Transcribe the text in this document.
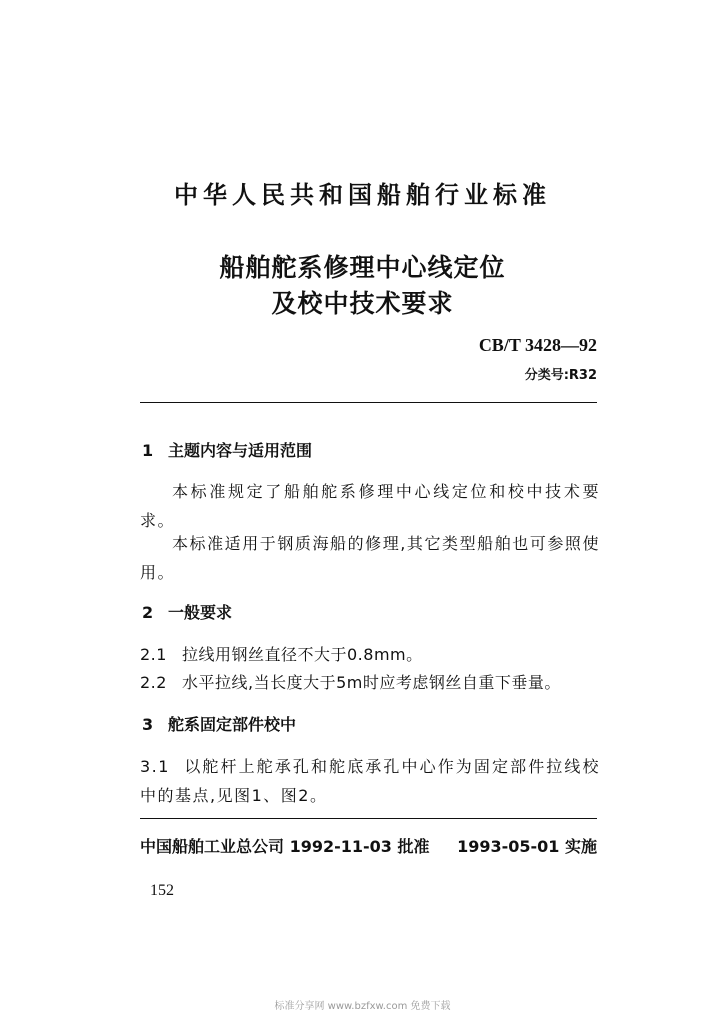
中华人民共和国船舶行业标准
船舶舵系修理中心线定位
及校中技术要求
CB/T 3428—92
分类号:R32
1 主题内容与适用范围
本标准规定了船舶舵系修理中心线定位和校中技术要求。
本标准适用于钢质海船的修理,其它类型船舶也可参照使用。
2 一般要求
2.1 拉线用钢丝直径不大于0.8mm。
2.2 水平拉线,当长度大于5m时应考虑钢丝自重下垂量。
3 舵系固定部件校中
3.1 以舵杆上舵承孔和舵底承孔中心作为固定部件拉线校中的基点,见图1、图2。
中国船舶工业总公司 1992-11-03 批准 1993-05-01 实施
152
标准分享网 www.bzfxw.com 免费下载
